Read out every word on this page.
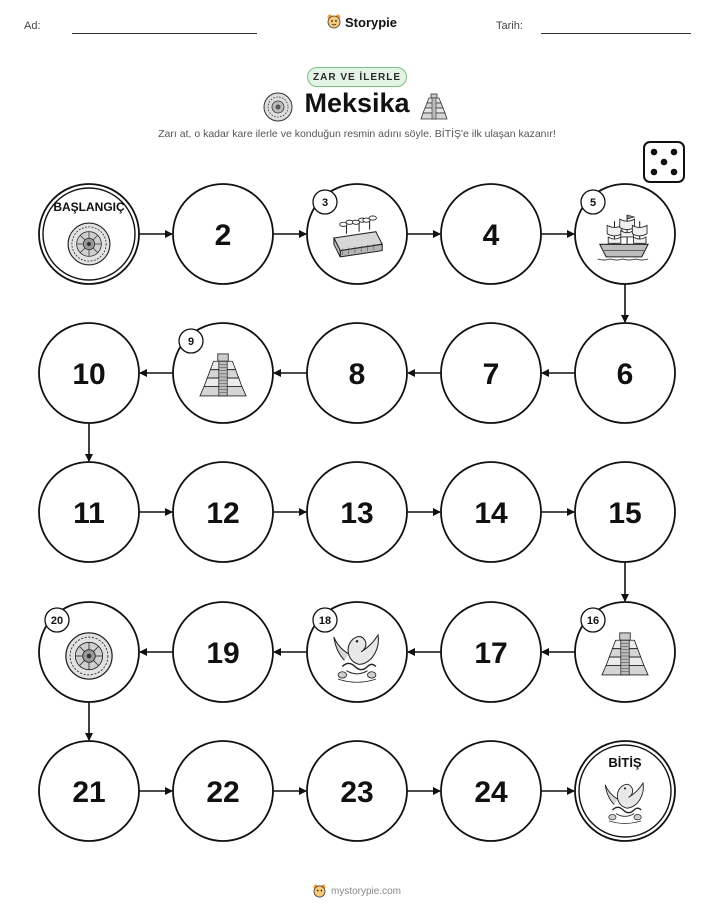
Ad:	Storypie	Tarih:
ZAR VE İLERLE
Meksika
Zarı at, o kadar kare ilerle ve konduğun resmin adını söyle. BİTİŞ'e ilk ulaşan kazanır!
BAŞLANGIÇ
2
3
4
5
6
7
8
9
10
11	12	13	14	15
16
17
18
19
20
21	22	23	24
BİTİŞ
mystorypie.com
